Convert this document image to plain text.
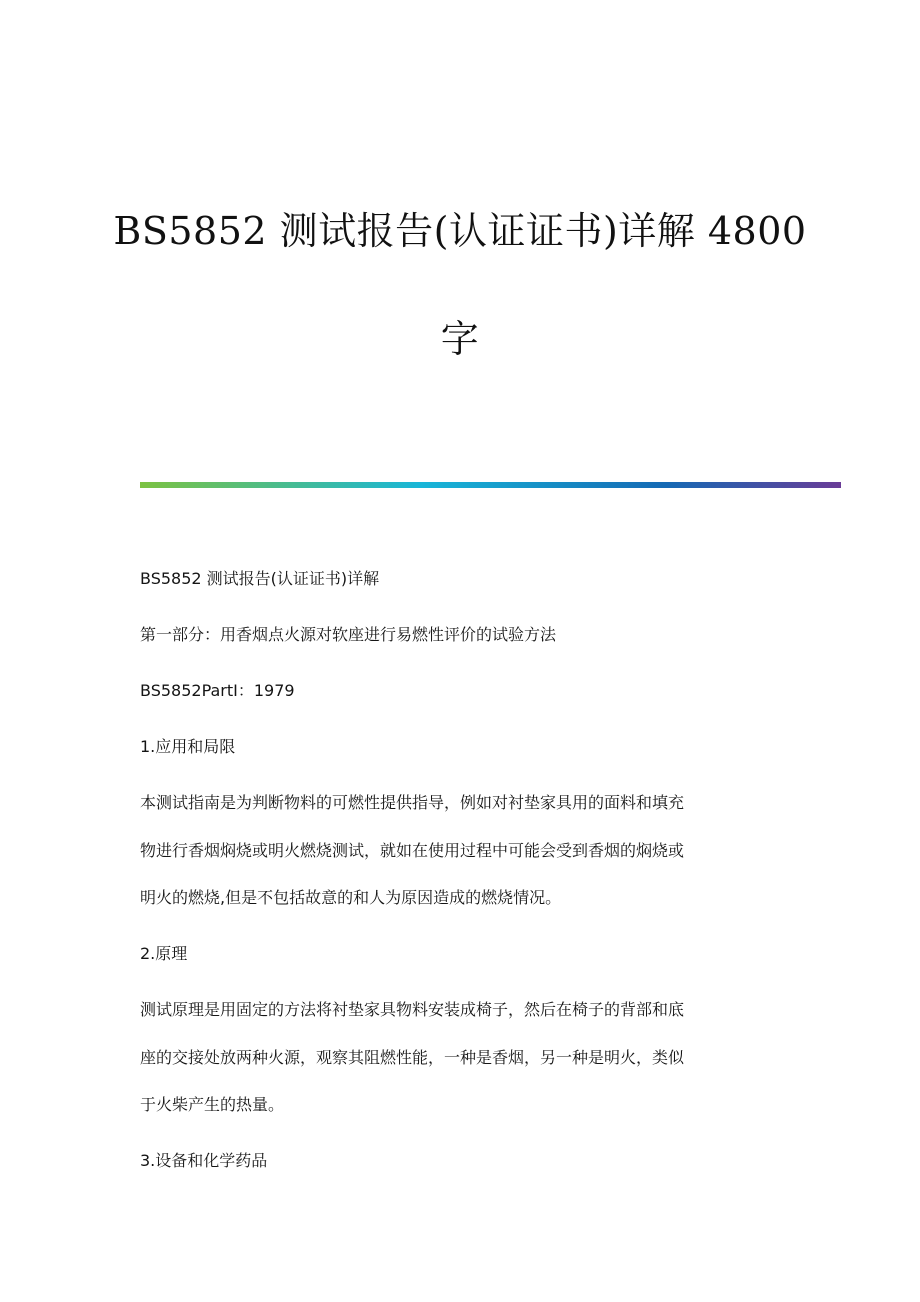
BS5852 测试报告(认证证书)详解 4800
字

BS5852 测试报告(认证证书)详解

第一部分：用香烟点火源对软座进行易燃性评价的试验方法

BS5852PartI：1979

1.应用和局限

本测试指南是为判断物料的可燃性提供指导，例如对衬垫家具用的面料和填充

物进行香烟焖烧或明火燃烧测试，就如在使用过程中可能会受到香烟的焖烧或

明火的燃烧,但是不包括故意的和人为原因造成的燃烧情况。

2.原理

测试原理是用固定的方法将衬垫家具物料安装成椅子，然后在椅子的背部和底

座的交接处放两种火源，观察其阻燃性能，一种是香烟，另一种是明火，类似

于火柴产生的热量。

3.设备和化学药品
